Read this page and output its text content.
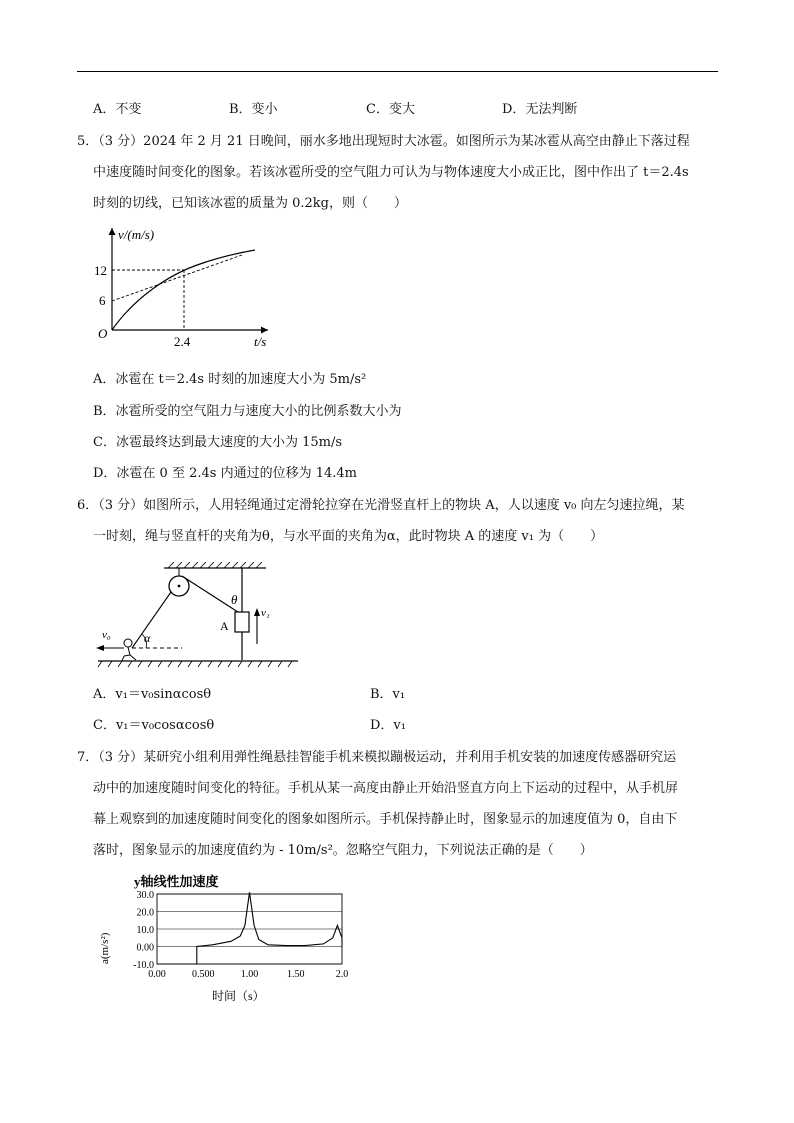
A．不变	B．变小	C．变大	D．无法判断
5．（3 分）2024 年 2 月 21 日晚间，丽水多地出现短时大冰雹。如图所示为某冰雹从高空由静止下落过程
中速度随时间变化的图象。若该冰雹所受的空气阻力可认为与物体速度大小成正比，图中作出了 t＝2.4s
时刻的切线，已知该冰雹的质量为 0.2kg，则（　　）
v/(m/s)
t/s
O
12
6
2.4
A．冰雹在 t＝2.4s 时刻的加速度大小为 5m/s²
B．冰雹所受的空气阻力与速度大小的比例系数大小为
C．冰雹最终达到最大速度的大小为 15m/s
D．冰雹在 0 至 2.4s 内通过的位移为 14.4m
6．（3 分）如图所示，人用轻绳通过定滑轮拉穿在光滑竖直杆上的物块 A，人以速度 v₀ 向左匀速拉绳，某
一时刻，绳与竖直杆的夹角为θ，与水平面的夹角为α，此时物块 A 的速度 v₁ 为（　　）
A
θ
v₁
α
v₀
A．v₁＝v₀sinαcosθ	B．v₁
C．v₁＝v₀cosαcosθ	D．v₁
7．（3 分）某研究小组利用弹性绳悬挂智能手机来模拟蹦极运动，并利用手机安装的加速度传感器研究运
动中的加速度随时间变化的特征。手机从某一高度由静止开始沿竖直方向上下运动的过程中，从手机屏
幕上观察到的加速度随时间变化的图象如图所示。手机保持静止时，图象显示的加速度值为 0，自由下
落时，图象显示的加速度值约为 - 10m/s²。忽略空气阻力，下列说法正确的是（　　）
y轴线性加速度
a(m/s²)
时间（s）
30.0
20.0
10.0
0.00
-10.0
0.00	0.500	1.00	1.50	2.0
